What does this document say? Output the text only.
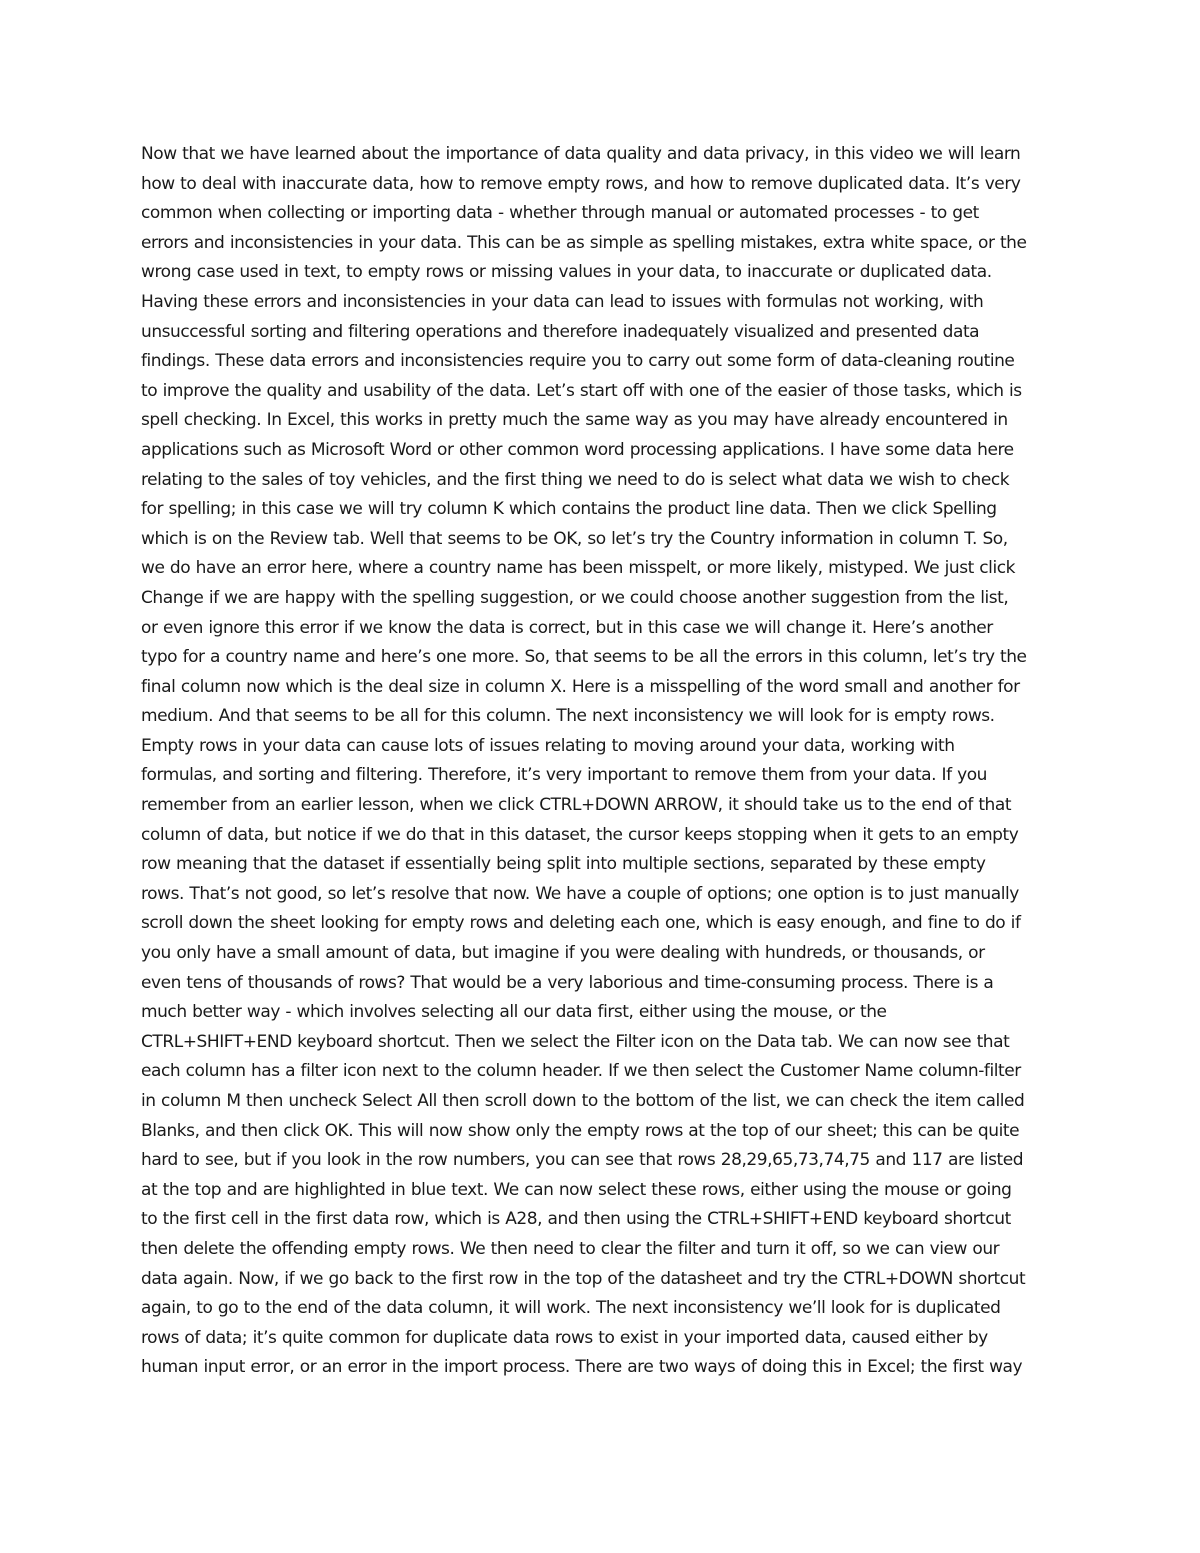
Now that we have learned about the importance of data quality and data privacy, in this video we will learn
how to deal with inaccurate data, how to remove empty rows, and how to remove duplicated data. It’s very
common when collecting or importing data - whether through manual or automated processes - to get
errors and inconsistencies in your data. This can be as simple as spelling mistakes, extra white space, or the
wrong case used in text, to empty rows or missing values in your data, to inaccurate or duplicated data.
Having these errors and inconsistencies in your data can lead to issues with formulas not working, with
unsuccessful sorting and filtering operations and therefore inadequately visualized and presented data
findings. These data errors and inconsistencies require you to carry out some form of data-cleaning routine
to improve the quality and usability of the data. Let’s start off with one of the easier of those tasks, which is
spell checking. In Excel, this works in pretty much the same way as you may have already encountered in
applications such as Microsoft Word or other common word processing applications. I have some data here
relating to the sales of toy vehicles, and the first thing we need to do is select what data we wish to check
for spelling; in this case we will try column K which contains the product line data. Then we click Spelling
which is on the Review tab. Well that seems to be OK, so let’s try the Country information in column T. So,
we do have an error here, where a country name has been misspelt, or more likely, mistyped. We just click
Change if we are happy with the spelling suggestion, or we could choose another suggestion from the list,
or even ignore this error if we know the data is correct, but in this case we will change it. Here’s another
typo for a country name and here’s one more. So, that seems to be all the errors in this column, let’s try the
final column now which is the deal size in column X. Here is a misspelling of the word small and another for
medium. And that seems to be all for this column. The next inconsistency we will look for is empty rows.
Empty rows in your data can cause lots of issues relating to moving around your data, working with
formulas, and sorting and filtering. Therefore, it’s very important to remove them from your data. If you
remember from an earlier lesson, when we click CTRL+DOWN ARROW, it should take us to the end of that
column of data, but notice if we do that in this dataset, the cursor keeps stopping when it gets to an empty
row meaning that the dataset if essentially being split into multiple sections, separated by these empty
rows. That’s not good, so let’s resolve that now. We have a couple of options; one option is to just manually
scroll down the sheet looking for empty rows and deleting each one, which is easy enough, and fine to do if
you only have a small amount of data, but imagine if you were dealing with hundreds, or thousands, or
even tens of thousands of rows? That would be a very laborious and time-consuming process. There is a
much better way - which involves selecting all our data first, either using the mouse, or the
CTRL+SHIFT+END keyboard shortcut. Then we select the Filter icon on the Data tab. We can now see that
each column has a filter icon next to the column header. If we then select the Customer Name column-filter
in column M then uncheck Select All then scroll down to the bottom of the list, we can check the item called
Blanks, and then click OK. This will now show only the empty rows at the top of our sheet; this can be quite
hard to see, but if you look in the row numbers, you can see that rows 28,29,65,73,74,75 and 117 are listed
at the top and are highlighted in blue text. We can now select these rows, either using the mouse or going
to the first cell in the first data row, which is A28, and then using the CTRL+SHIFT+END keyboard shortcut
then delete the offending empty rows. We then need to clear the filter and turn it off, so we can view our
data again. Now, if we go back to the first row in the top of the datasheet and try the CTRL+DOWN shortcut
again, to go to the end of the data column, it will work. The next inconsistency we’ll look for is duplicated
rows of data; it’s quite common for duplicate data rows to exist in your imported data, caused either by
human input error, or an error in the import process. There are two ways of doing this in Excel; the first way
